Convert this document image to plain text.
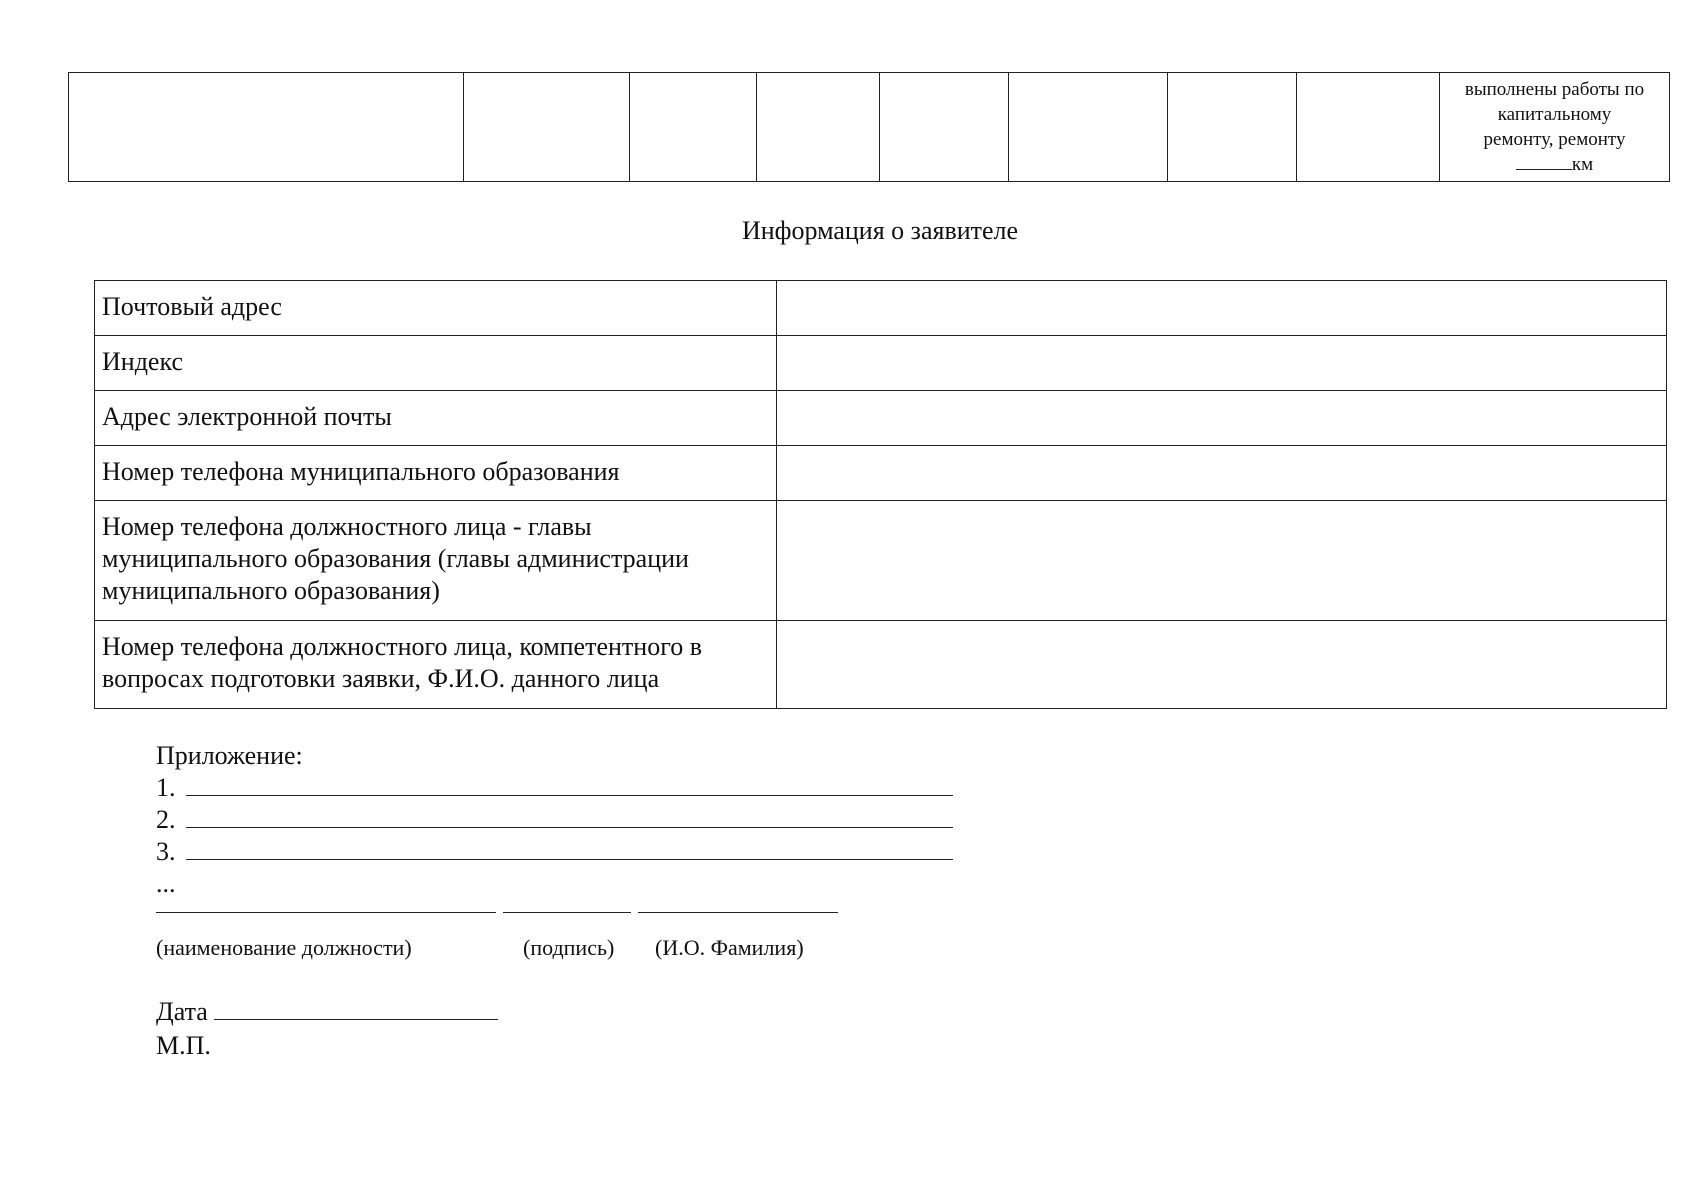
выполнены работы по
капитальному
ремонту, ремонту
км
Информация о заявителе
Почтовый адрес	
Индекс	
Адрес электронной почты	
Номер телефона муниципального образования	
Номер телефона должностного лица - главы муниципального образования (главы администрации муниципального образования)	
Номер телефона должностного лица, компетентного в вопросах подготовки заявки, Ф.И.О. данного лица	
Приложение:
1.
2.
3.
...
(наименование должности)	(подпись) (И.О. Фамилия)
Дата
М.П.
